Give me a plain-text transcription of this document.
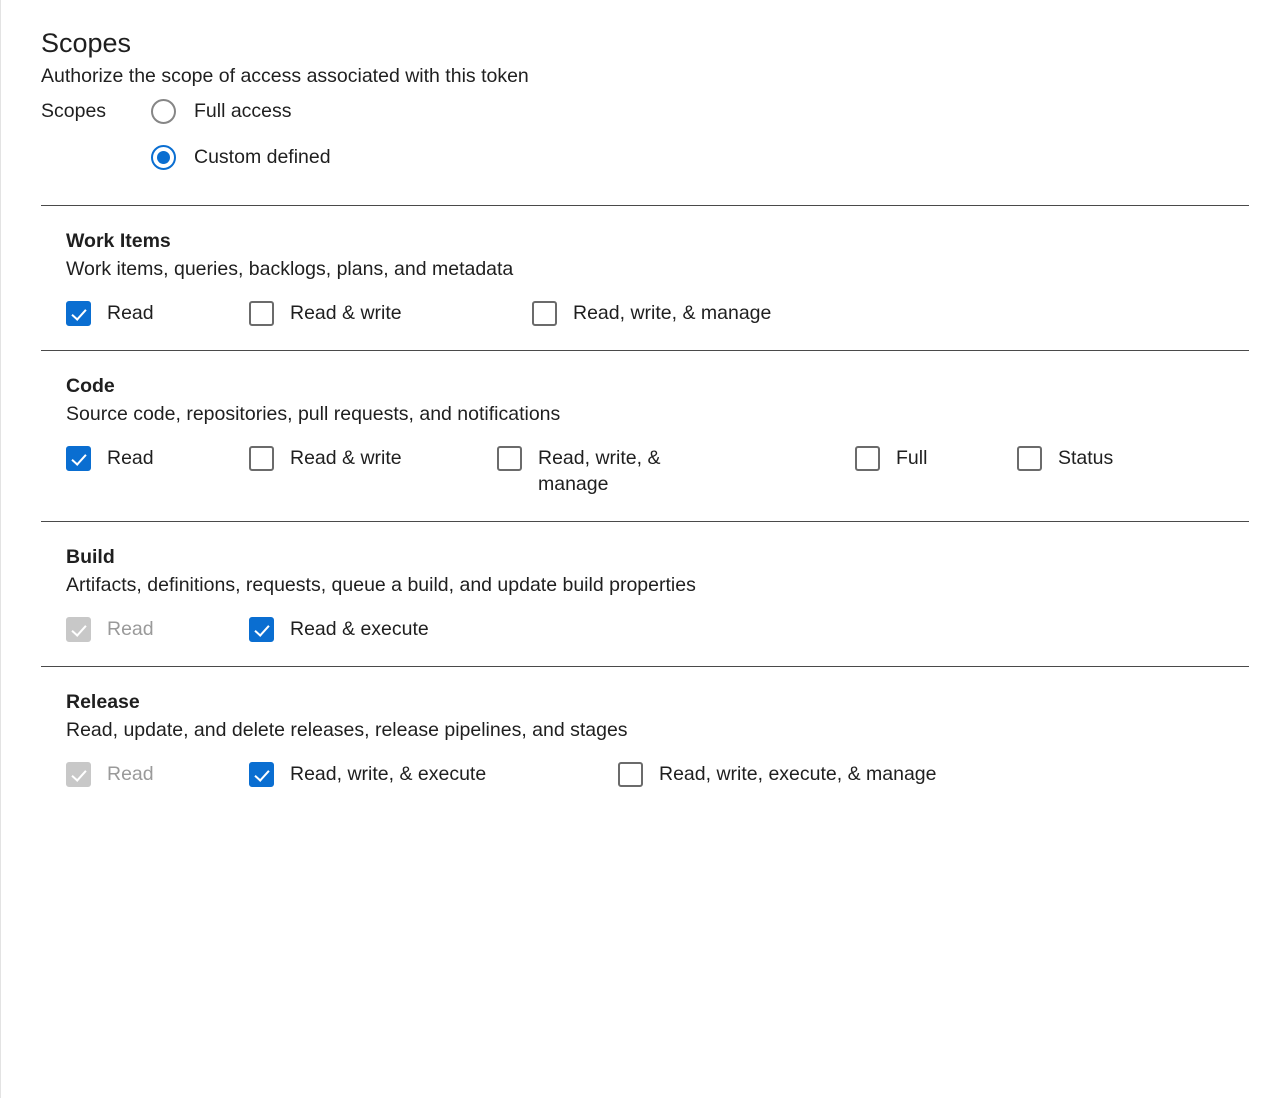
Scopes
Authorize the scope of access associated with this token
Scopes	Full access
Custom defined
Work Items
Work items, queries, backlogs, plans, and metadata
Read	Read & write	Read, write, & manage
Code
Source code, repositories, pull requests, and notifications
Read	Read & write	Read, write, & manage
Full	Status
Build
Artifacts, definitions, requests, queue a build, and update build properties
Read	Read & execute
Release
Read, update, and delete releases, release pipelines, and stages
Read	Read, write, & execute	Read, write, execute, & manage
